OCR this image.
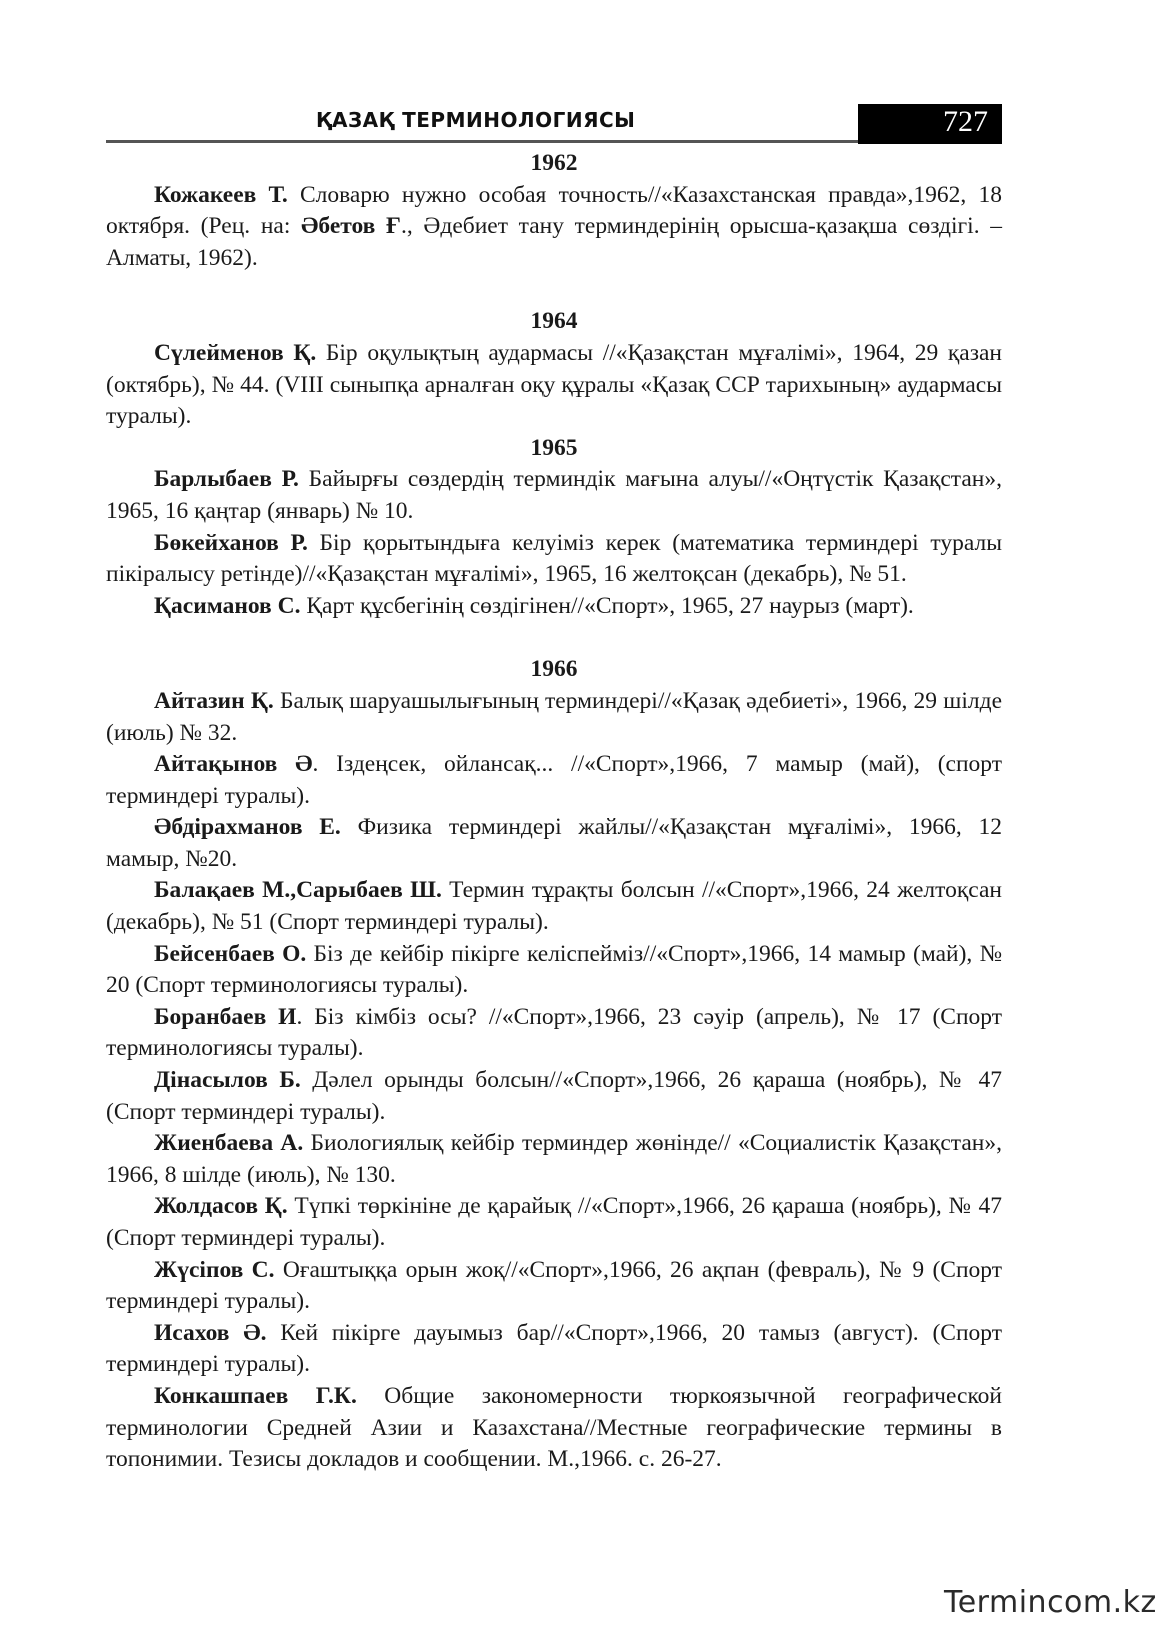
ҚАЗАҚ ТЕРМИНОЛОГИЯСЫ	727

1962

Кожакеев Т. Словарю нужно особая точность//«Казахстанская правда»,1962, 18 октября. (Рец. на: Әбетов Ғ., Әдебиет тану терминдерінің орысша-қазақша сөздігі. – Алматы, 1962).

1964

Сүлейменов Қ. Бір оқулықтың аудармасы //«Қазақстан мұғалімі», 1964, 29 қазан (октябрь), № 44. (VIII сыныпқа арналған оқу құралы «Қазақ ССР тарихының» аудармасы туралы).

1965

Барлыбаев Р. Байырғы сөздердің терминдік мағына алуы//«Оңтүстік Қазақстан», 1965, 16 қаңтар (январь) № 10.

Бөкейханов Р. Бір қорытындыға келуіміз керек (математика терминдері туралы пікіралысу ретінде)//«Қазақстан мұғалімі», 1965, 16 желтоқсан (декабрь), № 51.

Қасиманов С. Қарт құсбегінің сөздігінен//«Спорт», 1965, 27 наурыз (март).

1966

Айтазин Қ. Балық шаруашылығының терминдері//«Қазақ әдебиеті», 1966, 29 шілде (июль) № 32.

Айтақынов Ә. Іздеңсек, ойлансақ... //«Спорт»,1966, 7 мамыр (май), (спорт терминдері туралы).

Әбдірахманов Е. Физика терминдері жайлы//«Қазақстан мұғалімі», 1966, 12 мамыр, №20.

Балақаев М.,Сарыбаев Ш. Термин тұрақты болсын //«Спорт»,1966, 24 желтоқсан (декабрь), № 51 (Спорт терминдері туралы).

Бейсенбаев О. Біз де кейбір пікірге келіспейміз//«Спорт»,1966, 14 мамыр (май), № 20 (Спорт терминологиясы туралы).

Боранбаев И. Біз кімбіз осы? //«Спорт»,1966, 23 сәуір (апрель), № 17 (Спорт терминологиясы туралы).

Дінасылов Б. Дәлел орынды болсын//«Спорт»,1966, 26 қараша (ноябрь), № 47 (Спорт терминдері туралы).

Жиенбаева А. Биологиялық кейбір терминдер жөнінде// «Социалистік Қазақстан», 1966, 8 шілде (июль), № 130.

Жолдасов Қ. Түпкі төркініне де қарайық //«Спорт»,1966, 26 қараша (ноябрь), № 47 (Спорт терминдері туралы).

Жүсіпов С. Оғаштыққа орын жоқ//«Спорт»,1966, 26 ақпан (февраль), № 9 (Спорт терминдері туралы).

Исахов Ә. Кей пікірге дауымыз бар//«Спорт»,1966, 20 тамыз (август). (Спорт терминдері туралы).

Конкашпаев Г.К. Общие закономерности тюркоязычной географической терминологии Средней Азии и Казахстана//Местные географические термины в топонимии. Тезисы докладов и сообщении. М.,1966. с. 26-27.

Termincom.kz
